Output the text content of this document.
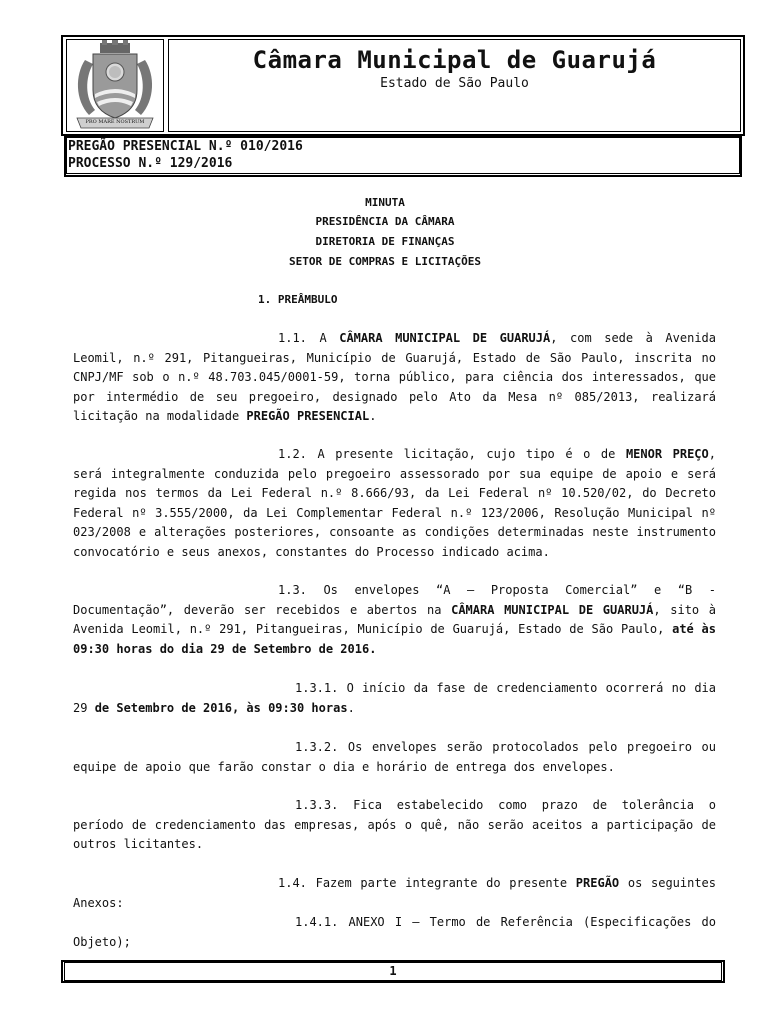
PRO MARE NOSTRUM
Câmara Municipal de Guarujá
Estado de São Paulo
PREGÃO PRESENCIAL N.º 010/2016
PROCESSO N.º 129/2016
MINUTA
PRESIDÊNCIA DA CÂMARA
DIRETORIA DE FINANÇAS
SETOR DE COMPRAS E LICITAÇÕES
1. PREÂMBULO
1.1. A CÂMARA MUNICIPAL DE GUARUJÁ, com sede à Avenida Leomil, n.º 291, Pitangueiras, Município de Guarujá, Estado de São Paulo, inscrita no CNPJ/MF sob o n.º 48.703.045/0001-59, torna público, para ciência dos interessados, que por intermédio de seu pregoeiro, designado pelo Ato da Mesa nº 085/2013, realizará licitação na modalidade PREGÃO PRESENCIAL.
1.2. A presente licitação, cujo tipo é o de MENOR PREÇO, será integralmente conduzida pelo pregoeiro assessorado por sua equipe de apoio e será regida nos termos da Lei Federal n.º 8.666/93, da Lei Federal nº 10.520/02, do Decreto Federal nº 3.555/2000, da Lei Complementar Federal n.º 123/2006, Resolução Municipal nº 023/2008 e alterações posteriores, consoante as condições determinadas neste instrumento convocatório e seus anexos, constantes do Processo indicado acima.
1.3. Os envelopes “A – Proposta Comercial” e “B - Documentação”, deverão ser recebidos e abertos na CÂMARA MUNICIPAL DE GUARUJÁ, sito à Avenida Leomil, n.º 291, Pitangueiras, Município de Guarujá, Estado de São Paulo, até às 09:30 horas do dia 29 de Setembro de 2016.
1.3.1. O início da fase de credenciamento ocorrerá no dia 29 de Setembro de 2016, às 09:30 horas.
1.3.2. Os envelopes serão protocolados pelo pregoeiro ou equipe de apoio que farão constar o dia e horário de entrega dos envelopes.
1.3.3. Fica estabelecido como prazo de tolerância o período de credenciamento das empresas, após o quê, não serão aceitos a participação de outros licitantes.
1.4. Fazem parte integrante do presente PREGÃO os seguintes Anexos:
1.4.1. ANEXO I – Termo de Referência (Especificações do Objeto);
1
